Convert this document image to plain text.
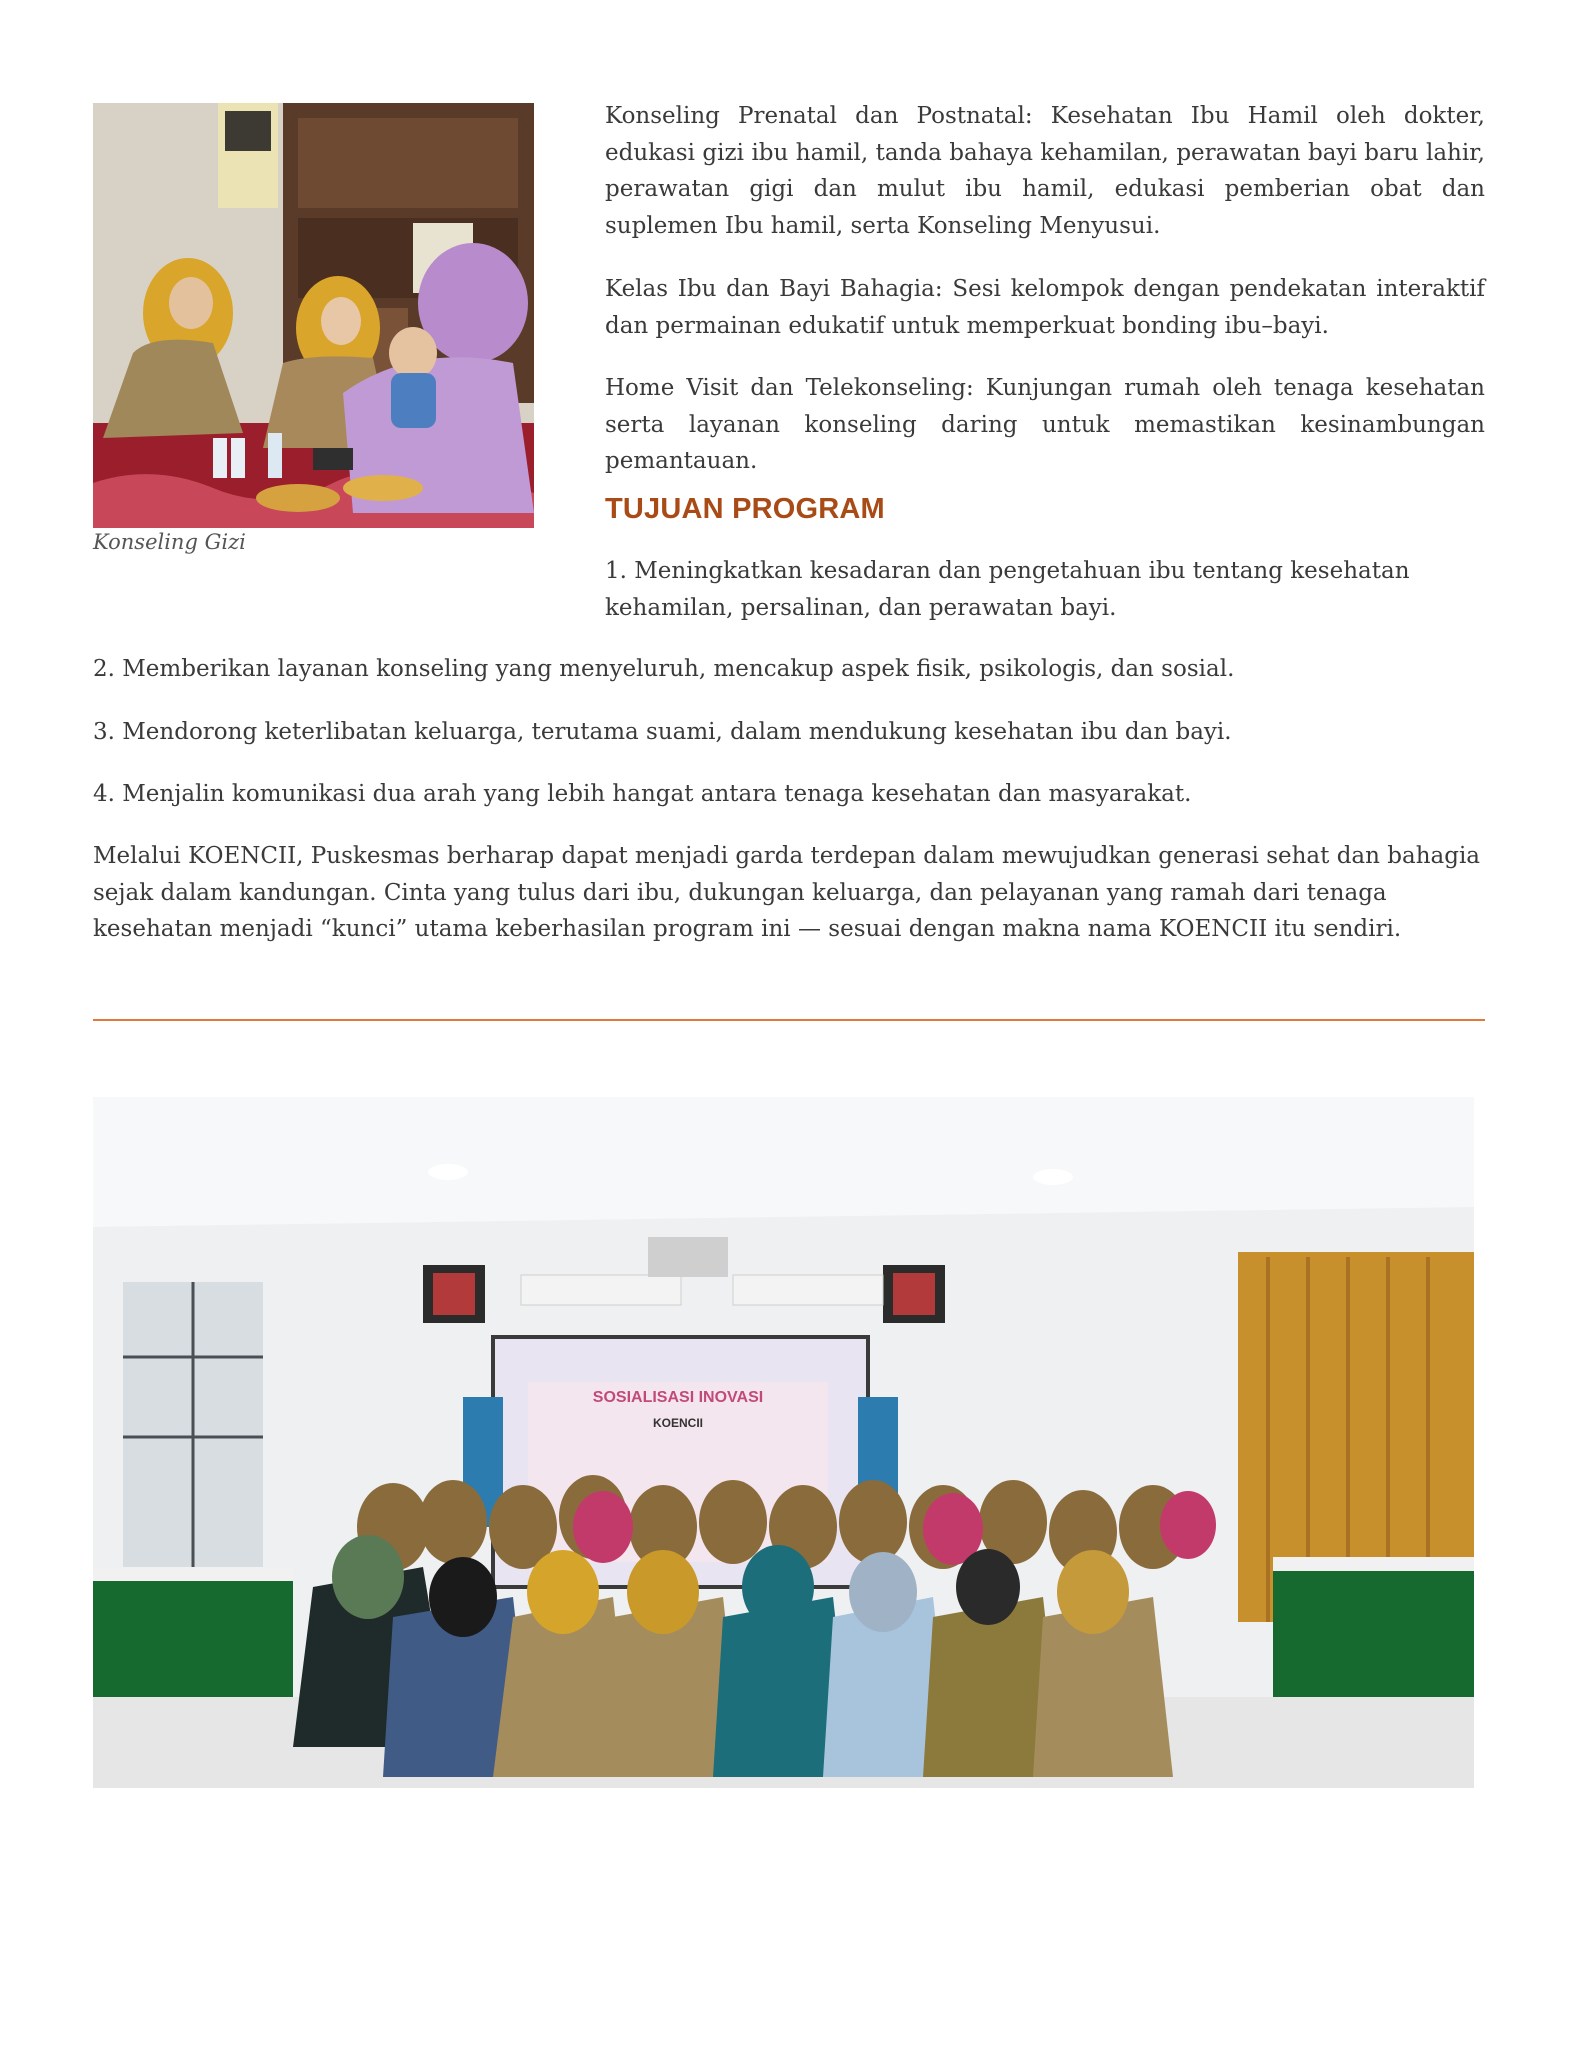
Konseling Gizi

Konseling Prenatal dan Postnatal: Kesehatan Ibu Hamil oleh dokter, edukasi gizi ibu hamil, tanda bahaya kehamilan, perawatan bayi baru lahir, perawatan gigi dan mulut ibu hamil, edukasi pemberian obat dan suplemen Ibu hamil, serta Konseling Menyusui.

Kelas Ibu dan Bayi Bahagia: Sesi kelompok dengan pendekatan interaktif dan permainan edukatif untuk memperkuat bonding ibu–bayi.

Home Visit dan Telekonseling: Kunjungan rumah oleh tenaga kesehatan serta layanan konseling daring untuk memastikan kesinambungan pemantauan.

TUJUAN PROGRAM

1. Meningkatkan kesadaran dan pengetahuan ibu tentang kesehatan kehamilan, persalinan, dan perawatan bayi.

2. Memberikan layanan konseling yang menyeluruh, mencakup aspek fisik, psikologis, dan sosial.

3. Mendorong keterlibatan keluarga, terutama suami, dalam mendukung kesehatan ibu dan bayi.

4. Menjalin komunikasi dua arah yang lebih hangat antara tenaga kesehatan dan masyarakat.

Melalui KOENCII, Puskesmas berharap dapat menjadi garda terdepan dalam mewujudkan generasi sehat dan bahagia sejak dalam kandungan. Cinta yang tulus dari ibu, dukungan keluarga, dan pelayanan yang ramah dari tenaga kesehatan menjadi “kunci” utama keberhasilan program ini — sesuai dengan makna nama KOENCII itu sendiri.

SOSIALISASI INOVASI
KOENCII
